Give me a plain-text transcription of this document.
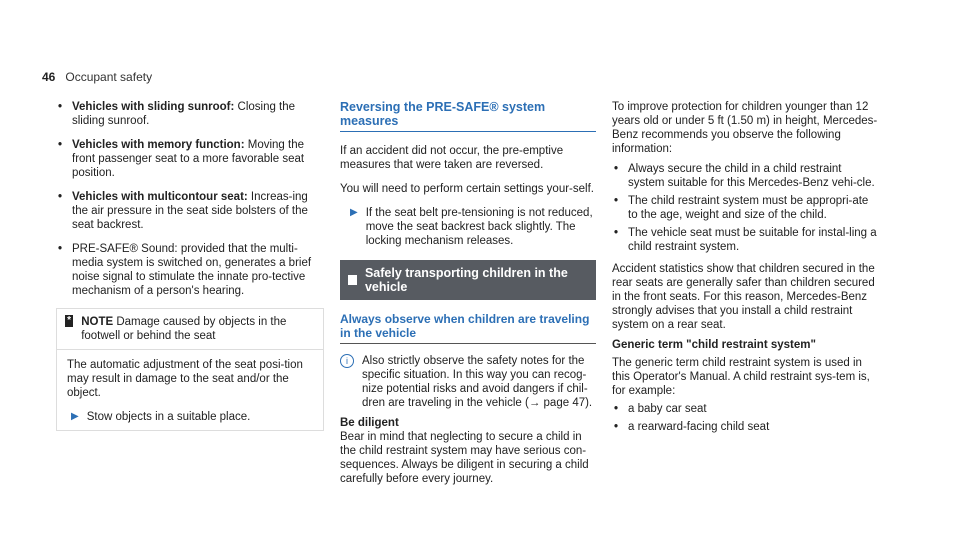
46 Occupant safety
• Vehicles with sliding sunroof: Closing the sliding sunroof.
• Vehicles with memory function: Moving the front passenger seat to a more favorable seat position.
• Vehicles with multicontour seat: Increas-ing the air pressure in the seat side bolsters of the seat backrest.
• PRE-SAFE® Sound: provided that the multi-media system is switched on, generates a brief noise signal to stimulate the innate pro-tective mechanism of a person's hearing.
* NOTE Damage caused by objects in the footwell or behind the seat

The automatic adjustment of the seat posi-tion may result in damage to the seat and/or the object.

▶ Stow objects in a suitable place.
Reversing the PRE-SAFE® system measures

If an accident did not occur, the pre-emptive measures that were taken are reversed.

You will need to perform certain settings your-self.

▶ If the seat belt pre-tensioning is not reduced, move the seat backrest back slightly. The locking mechanism releases.
Safely transporting children in the vehicle
Always observe when children are traveling in the vehicle
i	Also strictly observe the safety notes for the specific situation. In this way you can recog-nize potential risks and avoid dangers if chil-dren are traveling in the vehicle (→ page 47).
Be diligent

Bear in mind that neglecting to secure a child in the child restraint system may have serious con-sequences. Always be diligent in securing a child carefully before every journey.

To improve protection for children younger than 12 years old or under 5 ft (1.50 m) in height, Mercedes-Benz recommends you observe the following information:

• Always secure the child in a child restraint system suitable for this Mercedes-Benz vehi-cle.
• The child restraint system must be appropri-ate to the age, weight and size of the child.
• The vehicle seat must be suitable for instal-ling a child restraint system.

Accident statistics show that children secured in the rear seats are generally safer than children secured in the front seats. For this reason, Mercedes-Benz strongly advises that you install a child restraint system on a rear seat.

Generic term "child restraint system"

The generic term child restraint system is used in this Operator's Manual. A child restraint sys-tem is, for example:

• a baby car seat
• a rearward-facing child seat
